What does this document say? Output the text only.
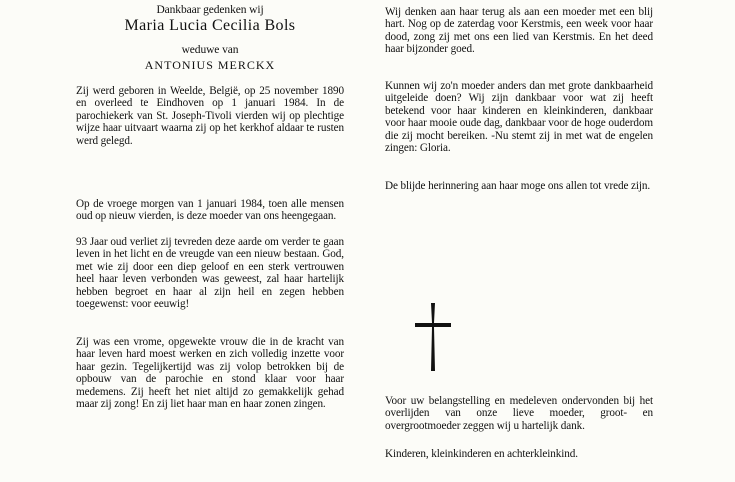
Dankbaar gedenken wij
Maria Lucia Cecilia Bols
weduwe van
ANTONIUS MERCKX

Zij werd geboren in Weelde, België, op 25 november 1890 en overleed te Eindhoven op 1 januari 1984. In de parochiekerk van St. Joseph-Tivoli vierden wij op plechtige wijze haar uitvaart waarna zij op het kerkhof aldaar te rusten werd gelegd.

Op de vroege morgen van 1 januari 1984, toen alle mensen oud op nieuw vierden, is deze moeder van ons heengegaan.

93 Jaar oud verliet zij tevreden deze aarde om verder te gaan leven in het licht en de vreugde van een nieuw bestaan. God, met wie zij door een diep geloof en een sterk vertrouwen heel haar leven verbonden was geweest, zal haar hartelijk hebben begroet en haar al zijn heil en zegen hebben toegewenst: voor eeuwig!

Zij was een vrome, opgewekte vrouw die in de kracht van haar leven hard moest werken en zich volledig inzette voor haar gezin. Tegelijkertijd was zij volop betrokken bij de opbouw van de parochie en stond klaar voor haar medemens. Zij heeft het niet altijd zo gemakkelijk gehad maar zij zong! En zij liet haar man en haar zonen zingen.

Wij denken aan haar terug als aan een moeder met een blij hart. Nog op de zaterdag voor Kerstmis, een week voor haar dood, zong zij met ons een lied van Kerstmis. En het deed haar bijzonder goed.

Kunnen wij zo'n moeder anders dan met grote dankbaarheid uitgeleide doen? Wij zijn dankbaar voor wat zij heeft betekend voor haar kinderen en kleinkinderen, dankbaar voor haar mooie oude dag, dankbaar voor de hoge ouderdom die zij mocht bereiken. -Nu stemt zij in met wat de engelen zingen: Gloria.

De blijde herinnering aan haar moge ons allen tot vrede zijn.

Voor uw belangstelling en medeleven ondervonden bij het overlijden van onze lieve moeder, groot- en overgrootmoeder zeggen wij u hartelijk dank.

Kinderen, kleinkinderen en achterkleinkind.
